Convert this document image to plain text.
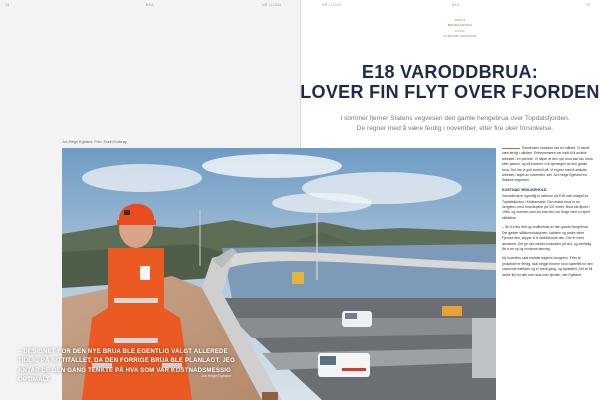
28	BKA	NR 1/2024	NR 1/2024	BKA	29
TEKST
BEDRAGERMA
FOTO
STEINAR HANSSON
E18 VARODDBRUA:
LOVER FIN FLYT OVER FJORDEN
I sommer fjerner Statens vegvesen den gamle hengebrua over Topdalsfjorden. De regner med å være ferdig i november, etter fire uker forsinkelse.
Jon Helge Egeland. Foto: Svein Kolstrøp
– DESIGNET FOR DEN NYE BRUA BLE EGENTLIG VALGT ALLEREDE TIDLIG PÅ NITTITALLET, DA DEN FORRIGE BRUA BLE PLANLAGT. JEG ANTAR DE DEN GANG TENKTE PÅ HVA SOM VAR KOSTNADSMESSIG OPTIMALT.	Jon Helge Egeland

Pandemien forsinket oss én måned. Vi skulle vært ferdig i oktober. Entreprenøren var nødt til å avvikle arbeidet i en periode. Vi håper at den nye brua kan tas i bruk etter planen, og så kommer vi til fjerningen av den gamle brua. Det har vi god kontroll på. Vi regner med å avslutte arbeidet i løpet av november, sier Jon Helge Egeland fra Statens vegvesen.

KOSTNAD VEDLIKEHOLD

Varoddbrua er egentlig to veibruer på E18 over utløpet av Topdalsfjorden i Kristiansand. Den eldste brua er en hengebru med hovedspenn på 337 meter. Brua ble åpnet i 1956, og mannen som sto bak den har lenge vært en kjent skikkelse.

– Se ti-ti års drift og vedlikehold av den gamle hengebrua. Det gjelder stålkonstruksjonen, kablene og andre deler. Fjernes den, slipper vi å vedlikeholde den. Det er mest lønnsomt. Det gir oss mindre kostnader på sikt, og samtidig får vi en ny og moderne løsning.

Ny hovedbru skal erstatte dagens hengebru. Etter at prosjektet er ferdig, skal begge bruene ha to kjørefelt for den voksende trafikken og et bredt gang- og sykkelfelt. Det vil bli bedre flyt for alle som skal over fjorden, sier Egeland.
